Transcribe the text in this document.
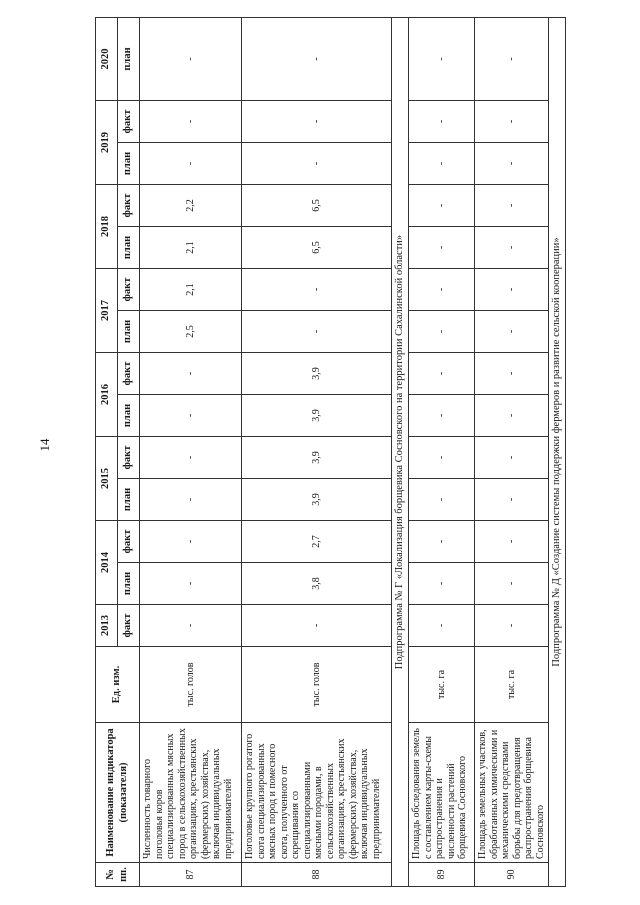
14
№ пп.	Наименование индикатора (показателя)	Ед. изм.	2013	2014		2015		2016		2017		2018		2019		2020
			факт	план	факт	план	факт	план	факт	план	факт	план	факт	план	факт	план
87	Численность товарного поголовья коров специализированных мясных пород в сельскохозяйственных организациях, крестьянских (фермерских) хозяйствах, включая индивидуальных предпринимателей	тыс. голов	-	-	-	-	-	-	-	2,5	2,1	2,1	2,2	-	-	-
88	Поголовье крупного рогатого скота специализированных мясных пород и помесного скота, полученного от скрещивания со специализированными мясными породами, в сельскохозяйственных организациях, крестьянских (фермерских) хозяйствах, включая индивидуальных предпринимателей	тыс. голов	-	3,8	2,7	3,9	3,9	3,9	3,9	-	-	6,5	6,5	-	-	-
Подпрограмма № Г «Локализация борщевика Сосновского на территории Сахалинской области»																
89	Площадь обследования земель с составлением карты-схемы распространения и численности растений борщевика Сосновского	тыс. га	-	-	-	-	-	-	-	-	-	-	-	-	-	-
90	Площадь земельных участков, обработанных химическими и механическими средствами борьбы для предотвращения распространения борщевика Сосновского	тыс. га	-	-	-	-	-	-	-	-	-	-	-	-	-	-
Подпрограмма № Д «Создание системы поддержки фермеров и развитие сельской кооперации»																
